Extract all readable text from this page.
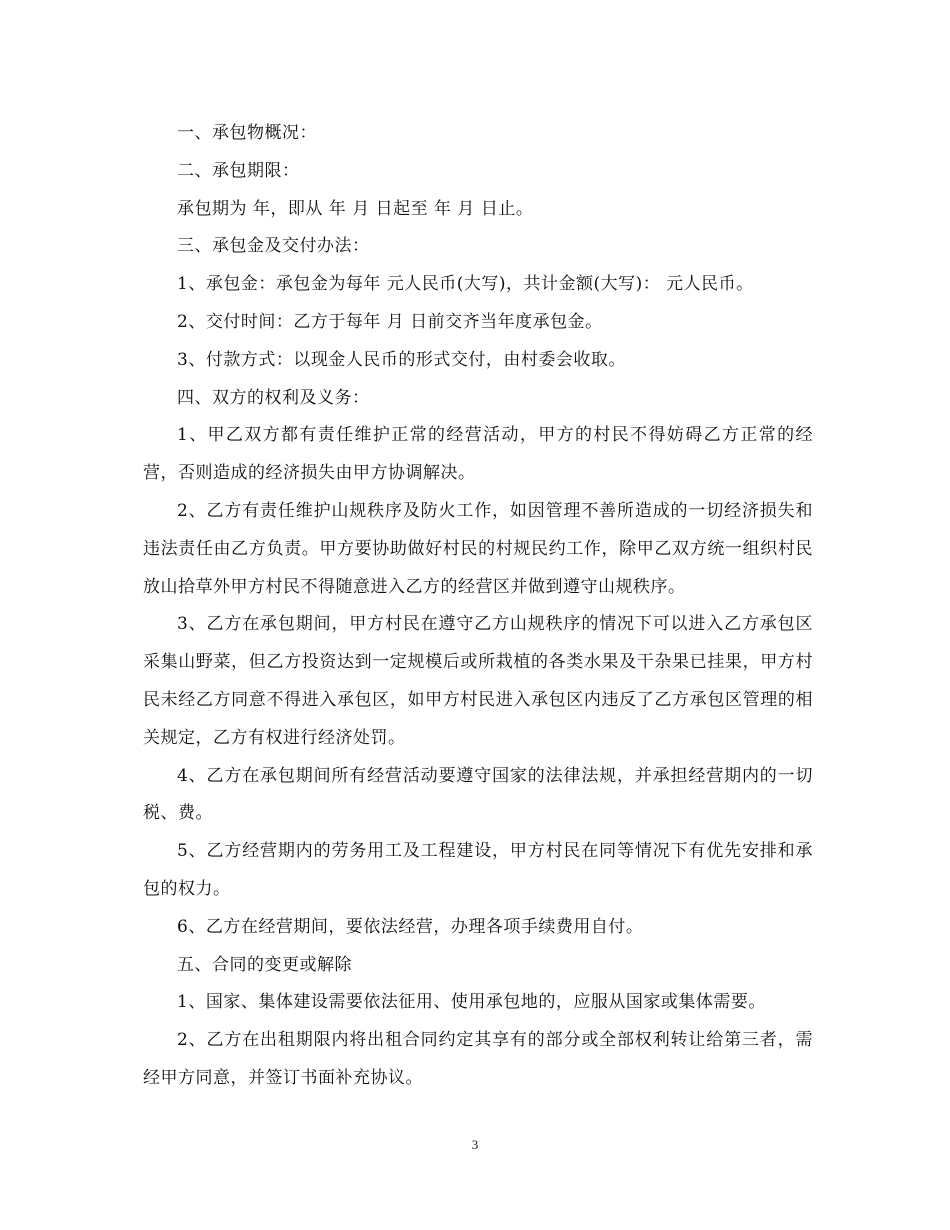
一、承包物概况：

二、承包期限：

承包期为 年，即从 年 月 日起至 年 月 日止。

三、承包金及交付办法：

1、承包金：承包金为每年 元人民币(大写)，共计金额(大写)： 元人民币。

2、交付时间：乙方于每年 月 日前交齐当年度承包金。

3、付款方式：以现金人民币的形式交付，由村委会收取。

四、双方的权利及义务：

1、甲乙双方都有责任维护正常的经营活动，甲方的村民不得妨碍乙方正常的经营，否则造成的经济损失由甲方协调解决。

2、乙方有责任维护山规秩序及防火工作，如因管理不善所造成的一切经济损失和违法责任由乙方负责。甲方要协助做好村民的村规民约工作，除甲乙双方统一组织村民放山拾草外甲方村民不得随意进入乙方的经营区并做到遵守山规秩序。

3、乙方在承包期间，甲方村民在遵守乙方山规秩序的情况下可以进入乙方承包区采集山野菜，但乙方投资达到一定规模后或所栽植的各类水果及干杂果已挂果，甲方村民未经乙方同意不得进入承包区，如甲方村民进入承包区内违反了乙方承包区管理的相关规定，乙方有权进行经济处罚。

4、乙方在承包期间所有经营活动要遵守国家的法律法规，并承担经营期内的一切税、费。

5、乙方经营期内的劳务用工及工程建设，甲方村民在同等情况下有优先安排和承包的权力。

6、乙方在经营期间，要依法经营，办理各项手续费用自付。

五、合同的变更或解除

1、国家、集体建设需要依法征用、使用承包地的，应服从国家或集体需要。

2、乙方在出租期限内将出租合同约定其享有的部分或全部权利转让给第三者，需经甲方同意，并签订书面补充协议。

3
